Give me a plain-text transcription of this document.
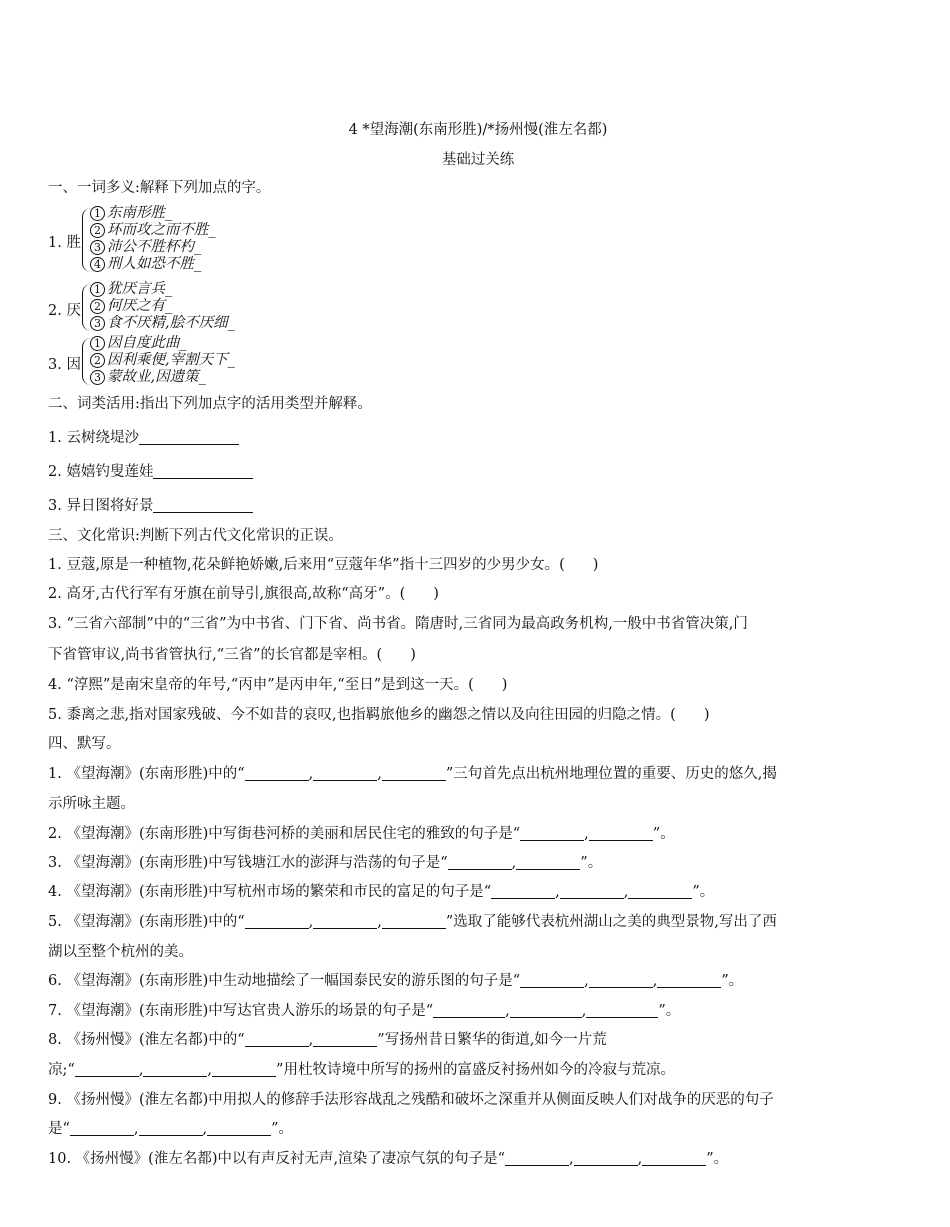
4 *望海潮(东南形胜)/*扬州慢(淮左名都)
基础过关练
一、一词多义:解释下列加点的字。
1. 胜
1 东南形胜_
2 环而攻之而不胜_
3 沛公不胜杯杓_
4 刑人如恐不胜_
2. 厌
1 犹厌言兵_
2 何厌之有_
3 食不厌精,脍不厌细_
3. 因
1 因自度此曲_
2 因利乘便,宰割天下_
3 蒙故业,因遗策_
二、词类活用:指出下列加点字的活用类型并解释。
1. 云树绕堤沙
2. 嬉嬉钓叟莲娃
3. 异日图将好景
三、文化常识:判断下列古代文化常识的正误。
1. 豆蔻,原是一种植物,花朵鲜艳娇嫩,后来用“豆蔻年华”指十三四岁的少男少女。( )
2. 高牙,古代行军有牙旗在前导引,旗很高,故称“高牙”。( )
3. “三省六部制”中的“三省”为中书省、门下省、尚书省。隋唐时,三省同为最高政务机构,一般中书省管决策,门
下省管审议,尚书省管执行,“三省”的长官都是宰相。( )
4. “淳熙”是南宋皇帝的年号,“丙申”是丙申年,“至日”是到这一天。( )
5. 黍离之悲,指对国家残破、今不如昔的哀叹,也指羁旅他乡的幽怨之情以及向往田园的归隐之情。( )
四、默写。
1. 《望海潮》(东南形胜)中的“	,	,	”三句首先点出杭州地理位置的重要、历史的悠久,揭
示所咏主题。
2. 《望海潮》(东南形胜)中写街巷河桥的美丽和居民住宅的雅致的句子是“	,	”。
3. 《望海潮》(东南形胜)中写钱塘江水的澎湃与浩荡的句子是“	,	”。
4. 《望海潮》(东南形胜)中写杭州市场的繁荣和市民的富足的句子是“	,	,	”。
5. 《望海潮》(东南形胜)中的“	,	,	”选取了能够代表杭州湖山之美的典型景物,写出了西
湖以至整个杭州的美。
6. 《望海潮》(东南形胜)中生动地描绘了一幅国泰民安的游乐图的句子是“	,	,	”。
7. 《望海潮》(东南形胜)中写达官贵人游乐的场景的句子是“	,	,	”。
8. 《扬州慢》(淮左名都)中的“	,	”写扬州昔日繁华的街道,如今一片荒
凉;“	,	,	”用杜牧诗境中所写的扬州的富盛反衬扬州如今的冷寂与荒凉。
9. 《扬州慢》(淮左名都)中用拟人的修辞手法形容战乱之残酷和破坏之深重并从侧面反映人们对战争的厌恶的句子
是“	,	,	”。
10. 《扬州慢》(淮左名都)中以有声反衬无声,渲染了凄凉气氛的句子是“	,	,	”。
